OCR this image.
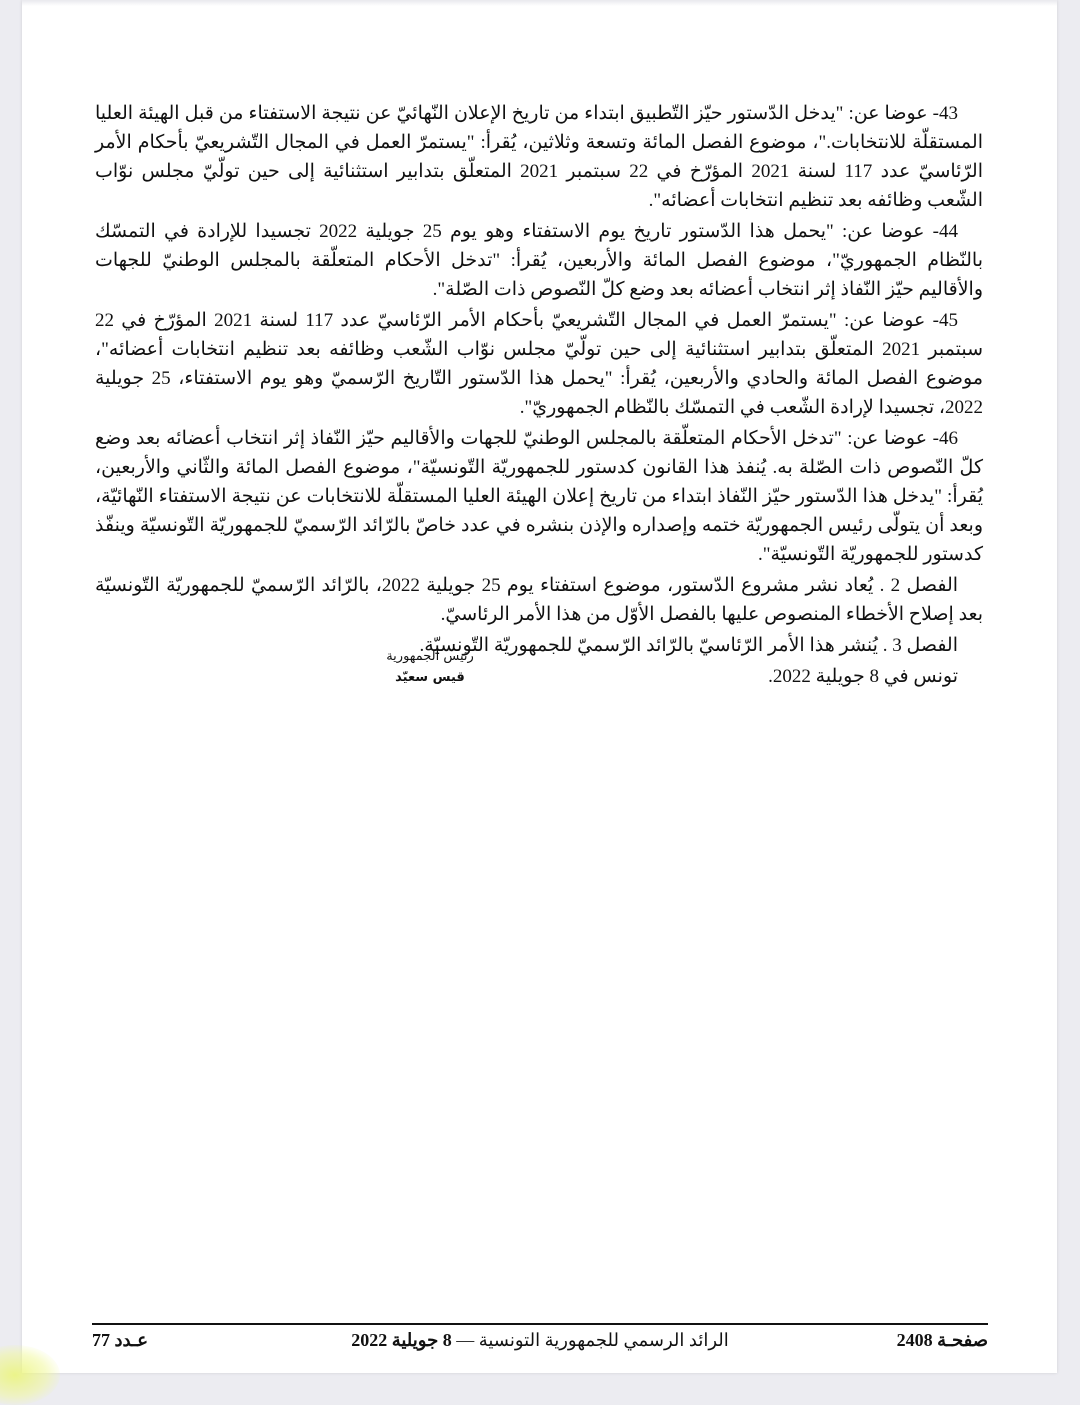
43- عوضا عن: "يدخل الدّستور حيّز التّطبيق ابتداء من تاريخ الإعلان النّهائيّ عن نتيجة الاستفتاء من قبل الهيئة العليا المستقلّة للانتخابات."، موضوع الفصل المائة وتسعة وثلاثين، يُقرأ: "يستمرّ العمل في المجال التّشريعيّ بأحكام الأمر الرّئاسيّ عدد 117 لسنة 2021 المؤرّخ في 22 سبتمبر 2021 المتعلّق بتدابير استثنائية إلى حين تولّيّ مجلس نوّاب الشّعب وظائفه بعد تنظيم انتخابات أعضائه".

44- عوضا عن: "يحمل هذا الدّستور تاريخ يوم الاستفتاء وهو يوم 25 جويلية 2022 تجسيدا للإرادة في التمسّك بالنّظام الجمهوريّ"، موضوع الفصل المائة والأربعين، يُقرأ: "تدخل الأحكام المتعلّقة بالمجلس الوطنيّ للجهات والأقاليم حيّز النّفاذ إثر انتخاب أعضائه بعد وضع كلّ النّصوص ذات الصّلة".

45- عوضا عن: "يستمرّ العمل في المجال التّشريعيّ بأحكام الأمر الرّئاسيّ عدد 117 لسنة 2021 المؤرّخ في 22 سبتمبر 2021 المتعلّق بتدابير استثنائية إلى حين تولّيّ مجلس نوّاب الشّعب وظائفه بعد تنظيم انتخابات أعضائه"، موضوع الفصل المائة والحادي والأربعين، يُقرأ: "يحمل هذا الدّستور التّاريخ الرّسميّ وهو يوم الاستفتاء، 25 جويلية 2022، تجسيدا لإرادة الشّعب في التمسّك بالنّظام الجمهوريّ".

46- عوضا عن: "تدخل الأحكام المتعلّقة بالمجلس الوطنيّ للجهات والأقاليم حيّز النّفاذ إثر انتخاب أعضائه بعد وضع كلّ النّصوص ذات الصّلة به. يُنفذ هذا القانون كدستور للجمهوريّة التّونسيّة"، موضوع الفصل المائة والثّاني والأربعين، يُقرأ: "يدخل هذا الدّستور حيّز النّفاذ ابتداء من تاريخ إعلان الهيئة العليا المستقلّة للانتخابات عن نتيجة الاستفتاء النّهائيّة، وبعد أن يتولّى رئيس الجمهوريّة ختمه وإصداره والإذن بنشره في عدد خاصّ بالرّائد الرّسميّ للجمهوريّة التّونسيّة وينفّذ كدستور للجمهوريّة التّونسيّة".

الفصل 2 . يُعاد نشر مشروع الدّستور، موضوع استفتاء يوم 25 جويلية 2022، بالرّائد الرّسميّ للجمهوريّة التّونسيّة بعد إصلاح الأخطاء المنصوص عليها بالفصل الأوّل من هذا الأمر الرئاسيّ.

الفصل 3 . يُنشر هذا الأمر الرّئاسيّ بالرّائد الرّسميّ للجمهوريّة التّونسيّة.

تونس في 8 جويلية 2022.

رئيس الجمهورية
قيس سعيّد
صفحـة 2408
الرائد الرسمي للجمهورية التونسية — 8 جويلية 2022
عـدد 77
